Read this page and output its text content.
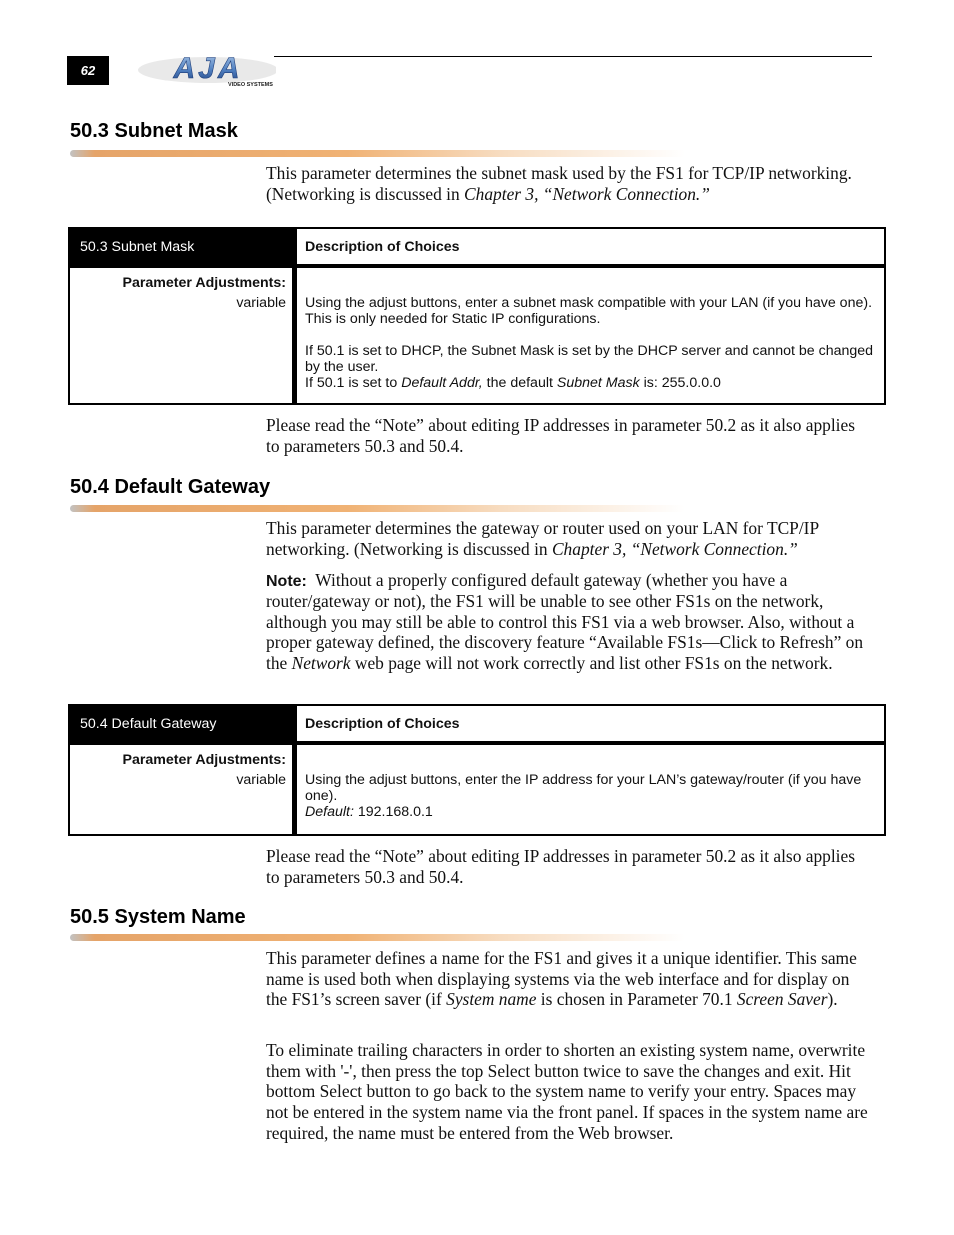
62	AJA
VIDEO SYSTEMS
50.3 Subnet Mask

This parameter determines the subnet mask used by the FS1 for TCP/IP networking. (Networking is discussed in Chapter 3, “Network Connection.”

50.3 Subnet Mask	Description of Choices
Parameter Adjustments:
variable	Using the adjust buttons, enter a subnet mask compatible with your LAN (if you have one). This is only needed for Static IP configurations.

If 50.1 is set to DHCP, the Subnet Mask is set by the DHCP server and cannot be changed by the user.

If 50.1 is set to Default Addr, the default Subnet Mask is: 255.0.0.0

Please read the “Note” about editing IP addresses in parameter 50.2 as it also applies to parameters 50.3 and 50.4.

50.4 Default Gateway

This parameter determines the gateway or router used on your LAN for TCP/IP networking. (Networking is discussed in Chapter 3, “Network Connection.”

Note: Without a properly configured default gateway (whether you have a router/gateway or not), the FS1 will be unable to see other FS1s on the network, although you may still be able to control this FS1 via a web browser. Also, without a proper gateway defined, the discovery feature “Available FS1s—Click to Refresh” on the Network web page will not work correctly and list other FS1s on the network.

50.4 Default Gateway	Description of Choices
Parameter Adjustments:
variable	Using the adjust buttons, enter the IP address for your LAN’s gateway/router (if you have one).

Default: 192.168.0.1

Please read the “Note” about editing IP addresses in parameter 50.2 as it also applies to parameters 50.3 and 50.4.

50.5 System Name

This parameter defines a name for the FS1 and gives it a unique identifier. This same name is used both when displaying systems via the web interface and for display on the FS1’s screen saver (if System name is chosen in Parameter 70.1 Screen Saver).

To eliminate trailing characters in order to shorten an existing system name, overwrite them with '-', then press the top Select button twice to save the changes and exit. Hit bottom Select button to go back to the system name to verify your entry. Spaces may not be entered in the system name via the front panel. If spaces in the system name are required, the name must be entered from the Web browser.
